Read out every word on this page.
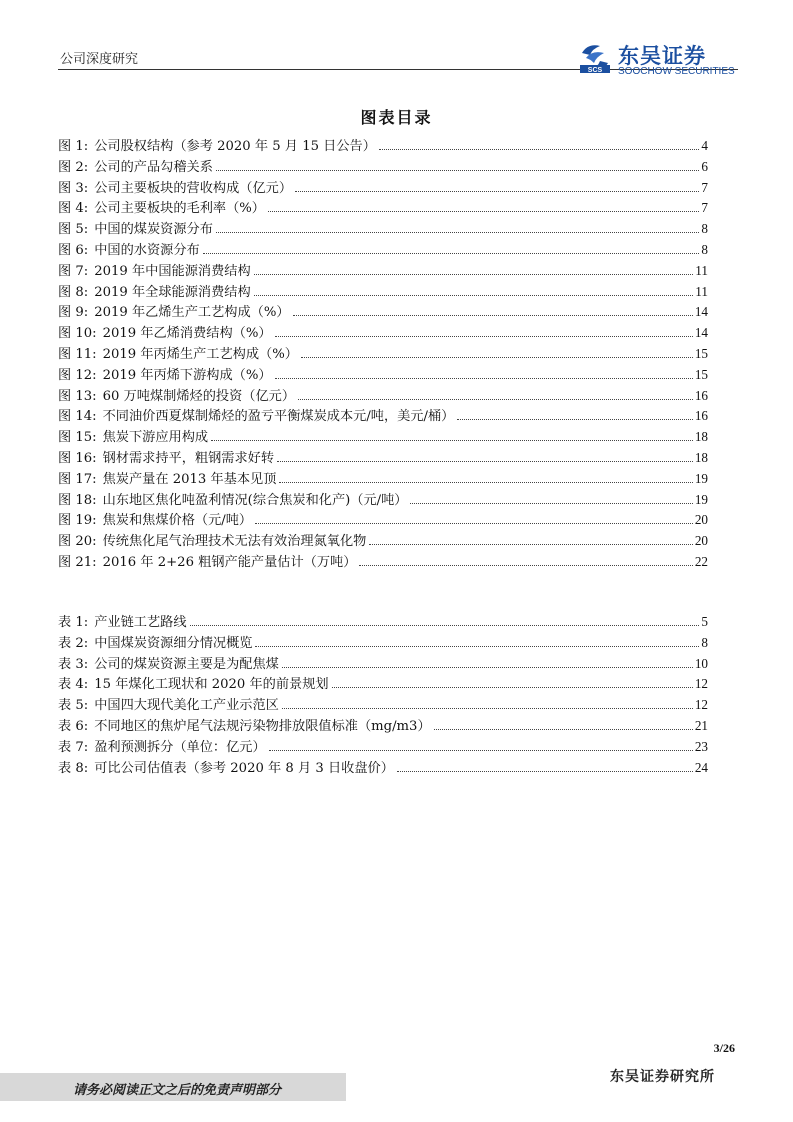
公司深度研究
SCS
东吴证券
SOOCHOW SECURITIES
图表目录
图 1: 公司股权结构（参考 2020 年 5 月 15 日公告）	4
图 2: 公司的产品勾稽关系	6
图 3: 公司主要板块的营收构成（亿元）	7
图 4: 公司主要板块的毛利率（%）	7
图 5: 中国的煤炭资源分布	8
图 6: 中国的水资源分布	8
图 7: 2019 年中国能源消费结构	11
图 8: 2019 年全球能源消费结构	11
图 9: 2019 年乙烯生产工艺构成（%）	14
图 10: 2019 年乙烯消费结构（%）	14
图 11: 2019 年丙烯生产工艺构成（%）	15
图 12: 2019 年丙烯下游构成（%）	15
图 13: 60 万吨煤制烯烃的投资（亿元）	16
图 14: 不同油价西夏煤制烯烃的盈亏平衡煤炭成本元/吨，美元/桶）	16
图 15: 焦炭下游应用构成	18
图 16: 钢材需求持平，粗钢需求好转	18
图 17: 焦炭产量在 2013 年基本见顶	19
图 18: 山东地区焦化吨盈利情况(综合焦炭和化产)（元/吨）	19
图 19: 焦炭和焦煤价格（元/吨）	20
图 20: 传统焦化尾气治理技术无法有效治理氮氧化物	20
图 21: 2016 年 2+26 粗钢产能产量估计（万吨）	22
表 1: 产业链工艺路线	5
表 2: 中国煤炭资源细分情况概览	8
表 3: 公司的煤炭资源主要是为配焦煤	10
表 4: 15 年煤化工现状和 2020 年的前景规划	12
表 5: 中国四大现代美化工产业示范区	12
表 6: 不同地区的焦炉尾气法规污染物排放限值标准（mg/m3）	21
表 7: 盈利预测拆分（单位：亿元）	23
表 8: 可比公司估值表（参考 2020 年 8 月 3 日收盘价）	24
3/26
请务必阅读正文之后的免责声明部分
东吴证券研究所
